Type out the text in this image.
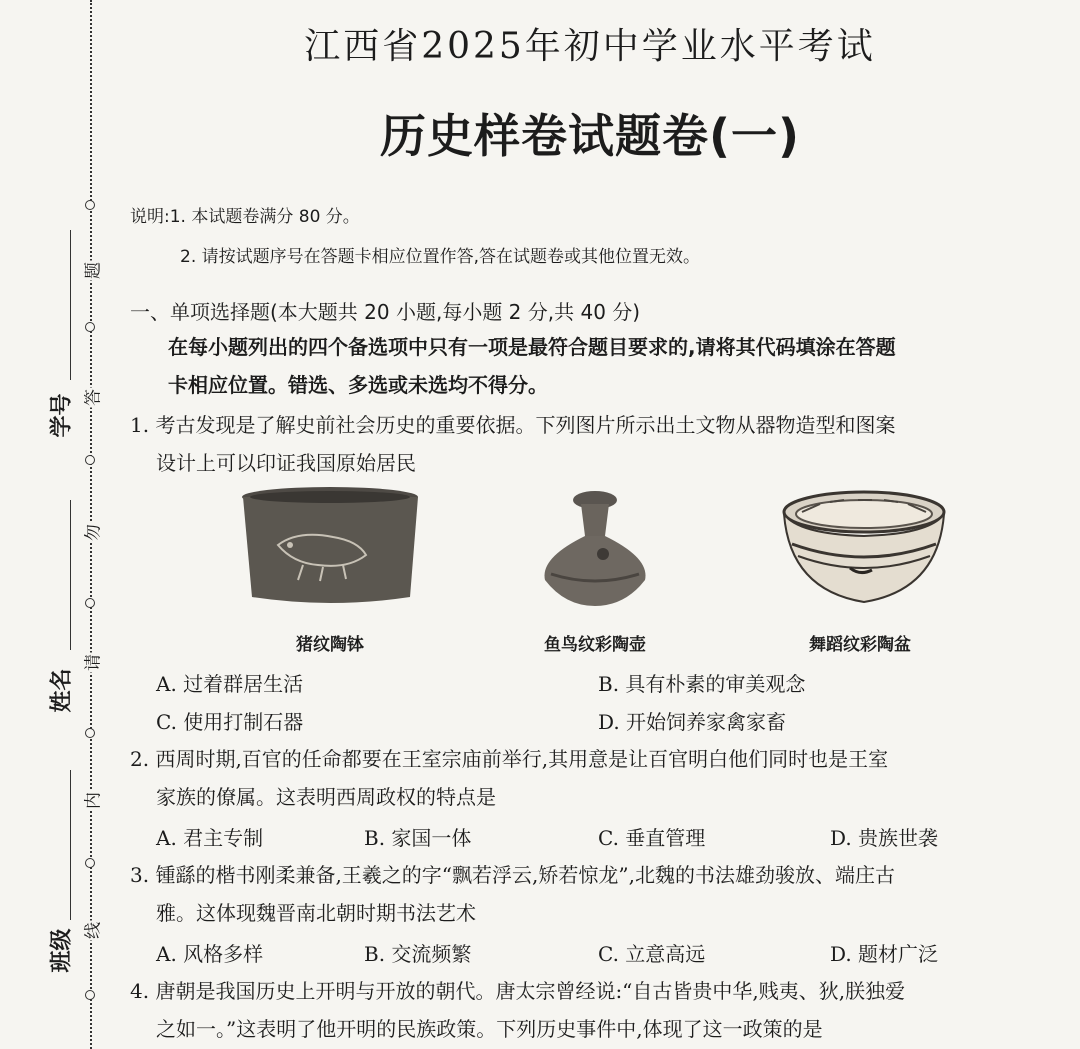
题
答
勿
请
内
线
学号
姓名
班级
江西省2025年初中学业水平考试
历史样卷试题卷(一)
说明:1. 本试题卷满分 80 分。
2. 请按试题序号在答题卡相应位置作答,答在试题卷或其他位置无效。
一、单项选择题(本大题共 20 小题,每小题 2 分,共 40 分)
在每小题列出的四个备选项中只有一项是最符合题目要求的,请将其代码填涂在答题
卡相应位置。错选、多选或未选均不得分。
1. 考古发现是了解史前社会历史的重要依据。下列图片所示出土文物从器物造型和图案
设计上可以印证我国原始居民
猪纹陶钵	鱼鸟纹彩陶壶	舞蹈纹彩陶盆
A. 过着群居生活	B. 具有朴素的审美观念
C. 使用打制石器	D. 开始饲养家禽家畜
2. 西周时期,百官的任命都要在王室宗庙前举行,其用意是让百官明白他们同时也是王室
家族的僚属。这表明西周政权的特点是
A. 君主专制	B. 家国一体	C. 垂直管理	D. 贵族世袭
3. 锺繇的楷书刚柔兼备,王羲之的字“飘若浮云,矫若惊龙”,北魏的书法雄劲骏放、端庄古
雅。这体现魏晋南北朝时期书法艺术
A. 风格多样	B. 交流频繁	C. 立意高远	D. 题材广泛
4. 唐朝是我国历史上开明与开放的朝代。唐太宗曾经说:“自古皆贵中华,贱夷、狄,朕独爱
之如一。”这表明了他开明的民族政策。下列历史事件中,体现了这一政策的是
